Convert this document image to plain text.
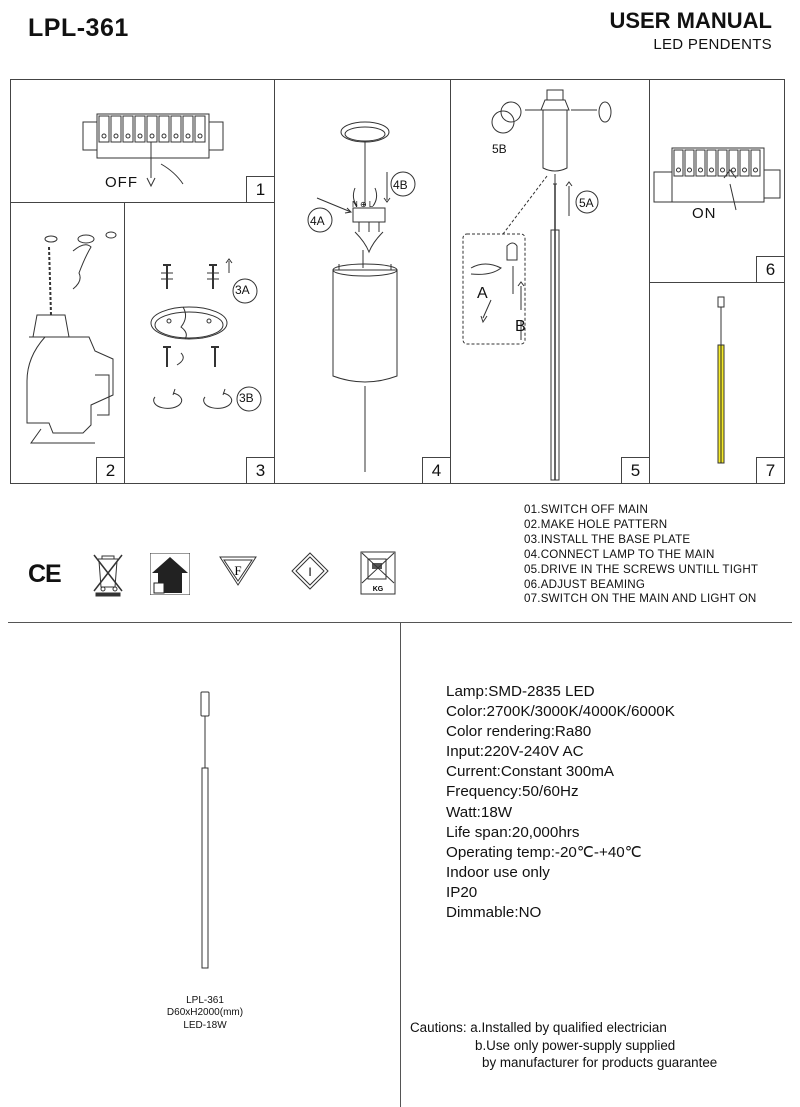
LPL-361	USER MANUAL
LED PENDENTS
OFF	1
2
3A
3B
3
4B
4A
N ⊕ L
4
5B
5A
A
B
5
ON
6
7
01.SWITCH OFF MAIN
02.MAKE HOLE PATTERN
03.INSTALL THE BASE PLATE
04.CONNECT LAMP TO THE MAIN
05.DRIVE IN THE SCREWS UNTILL TIGHT
06.ADJUST BEAMING
07.SWITCH ON THE MAIN AND LIGHT ON
CE	F	I
KG
LPL-361
D60xH2000(mm)
LED-18W
Lamp:SMD-2835 LED
Color:2700K/3000K/4000K/6000K
Color rendering:Ra80
Input:220V-240V AC
Current:Constant 300mA
Frequency:50/60Hz
Watt:18W
Life span:20,000hrs
Operating temp:-20℃-+40℃
Indoor use only
IP20
Dimmable:NO
Cautions: a.Installed by qualified electrician
b.Use only power-supply supplied
by manufacturer for products guarantee
